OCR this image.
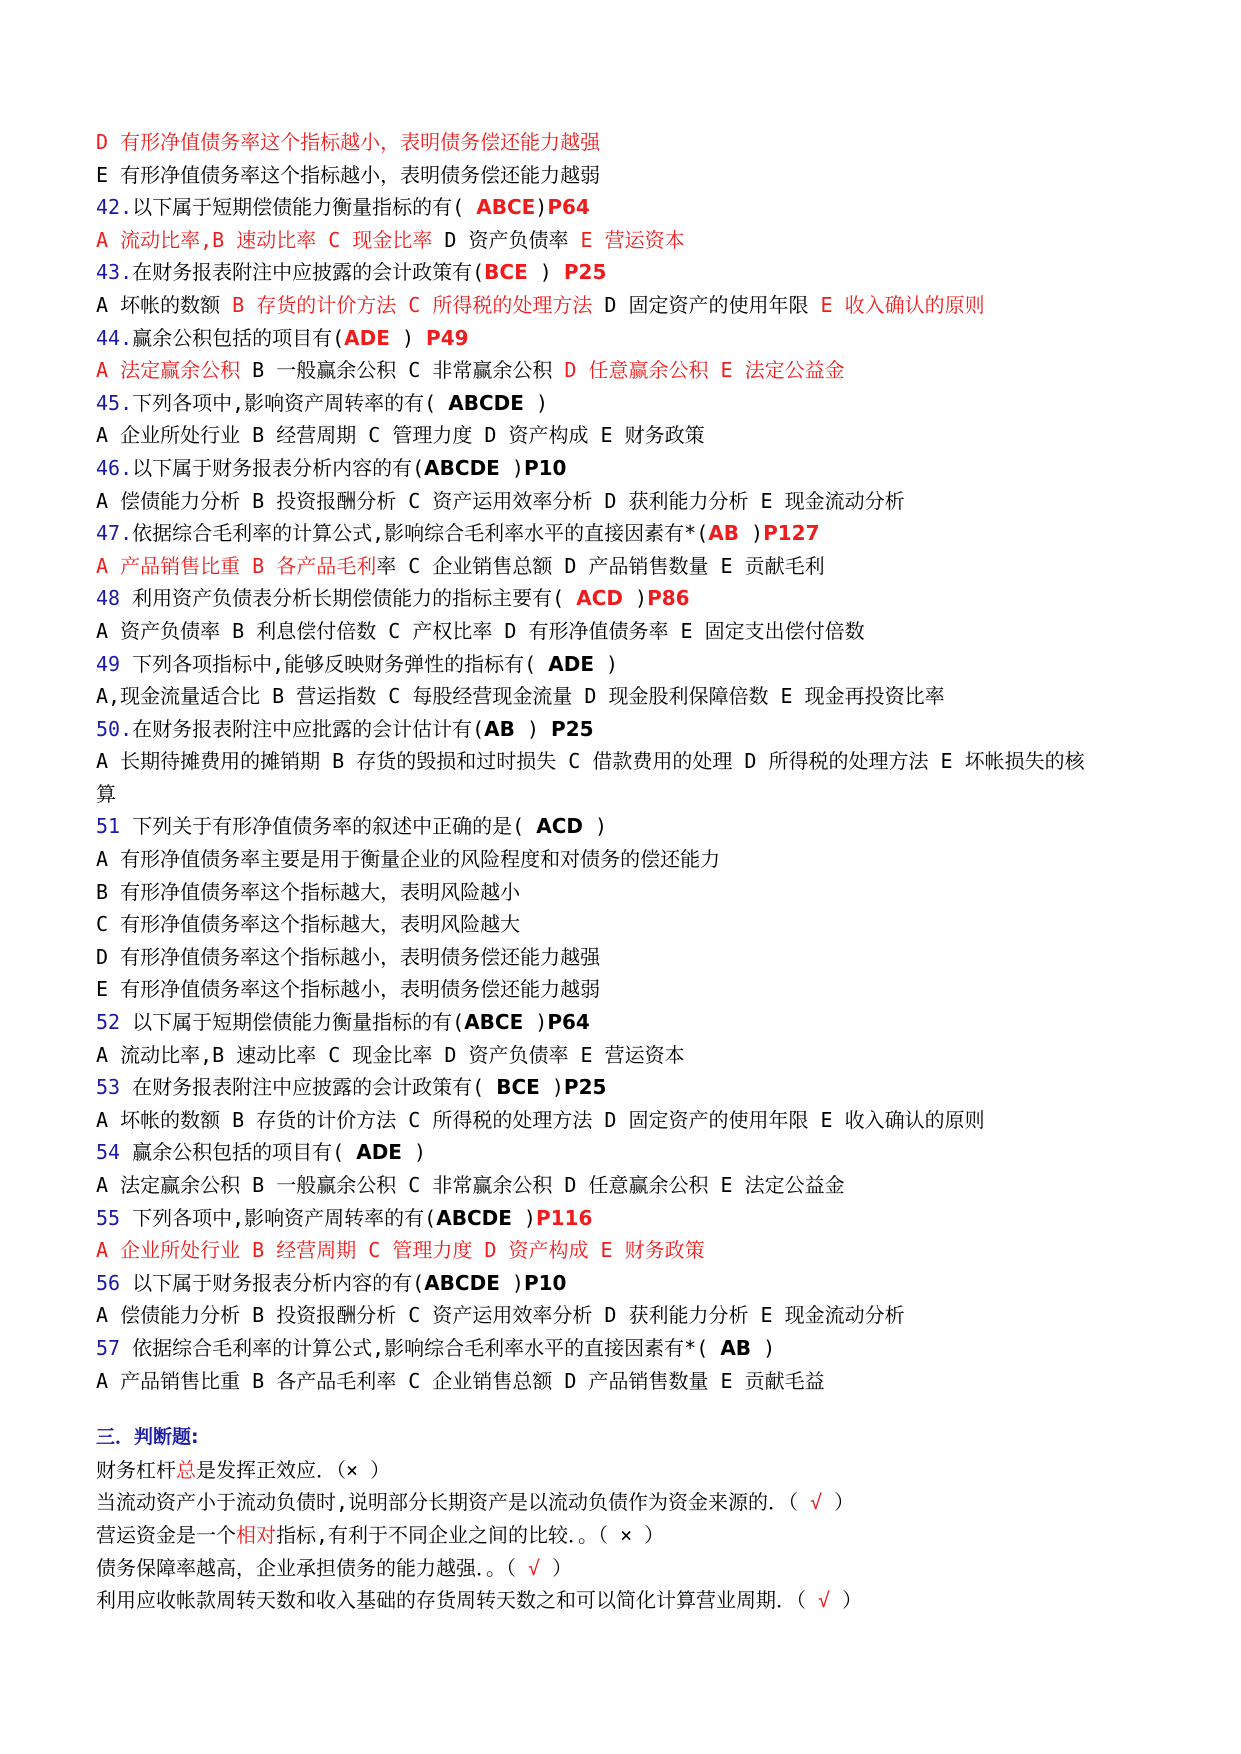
D 有形净值债务率这个指标越小，表明债务偿还能力越强
E 有形净值债务率这个指标越小，表明债务偿还能力越弱
42.以下属于短期偿债能力衡量指标的有( ABCE)P64
A 流动比率,B 速动比率 C 现金比率 D 资产负债率 E 营运资本
43.在财务报表附注中应披露的会计政策有(BCE ) P25
A 坏帐的数额 B 存货的计价方法 C 所得税的处理方法 D 固定资产的使用年限 E 收入确认的原则
44.赢余公积包括的项目有(ADE ) P49
A 法定赢余公积 B 一般赢余公积 C 非常赢余公积 D 任意赢余公积 E 法定公益金
45.下列各项中,影响资产周转率的有( ABCDE )
A 企业所处行业 B 经营周期 C 管理力度 D 资产构成 E 财务政策
46.以下属于财务报表分析内容的有(ABCDE )P10
A 偿债能力分析 B 投资报酬分析 C 资产运用效率分析 D 获利能力分析 E 现金流动分析
47.依据综合毛利率的计算公式,影响综合毛利率水平的直接因素有*(AB )P127
A 产品销售比重 B 各产品毛利率 C 企业销售总额 D 产品销售数量 E 贡献毛利
48 利用资产负债表分析长期偿债能力的指标主要有( ACD )P86
A 资产负债率 B 利息偿付倍数 C 产权比率 D 有形净值债务率 E 固定支出偿付倍数
49 下列各项指标中,能够反映财务弹性的指标有( ADE )
A,现金流量适合比 B 营运指数 C 每股经营现金流量 D 现金股利保障倍数 E 现金再投资比率
50.在财务报表附注中应批露的会计估计有(AB ) P25
A 长期待摊费用的摊销期 B 存货的毁损和过时损失 C 借款费用的处理 D 所得税的处理方法 E 坏帐损失的核
算
51 下列关于有形净值债务率的叙述中正确的是( ACD )
A 有形净值债务率主要是用于衡量企业的风险程度和对债务的偿还能力
B 有形净值债务率这个指标越大，表明风险越小
C 有形净值债务率这个指标越大，表明风险越大
D 有形净值债务率这个指标越小，表明债务偿还能力越强
E 有形净值债务率这个指标越小，表明债务偿还能力越弱
52 以下属于短期偿债能力衡量指标的有(ABCE )P64
A 流动比率,B 速动比率 C 现金比率 D 资产负债率 E 营运资本
53 在财务报表附注中应披露的会计政策有( BCE )P25
A 坏帐的数额 B 存货的计价方法 C 所得税的处理方法 D 固定资产的使用年限 E 收入确认的原则
54 赢余公积包括的项目有( ADE )
A 法定赢余公积 B 一般赢余公积 C 非常赢余公积 D 任意赢余公积 E 法定公益金
55 下列各项中,影响资产周转率的有(ABCDE )P116
A 企业所处行业 B 经营周期 C 管理力度 D 资产构成 E 财务政策
56 以下属于财务报表分析内容的有(ABCDE )P10
A 偿债能力分析 B 投资报酬分析 C 资产运用效率分析 D 获利能力分析 E 现金流动分析
57 依据综合毛利率的计算公式,影响综合毛利率水平的直接因素有*( AB )
A 产品销售比重 B 各产品毛利率 C 企业销售总额 D 产品销售数量 E 贡献毛益
三．判断题:
财务杠杆总是发挥正效应．（× ）
当流动资产小于流动负债时,说明部分长期资产是以流动负债作为资金来源的．（ √ ）
营运资金是一个相对指标,有利于不同企业之间的比较．。（ × ）
债务保障率越高，企业承担债务的能力越强．。（ √ ）
利用应收帐款周转天数和收入基础的存货周转天数之和可以简化计算营业周期．（ √ ）
